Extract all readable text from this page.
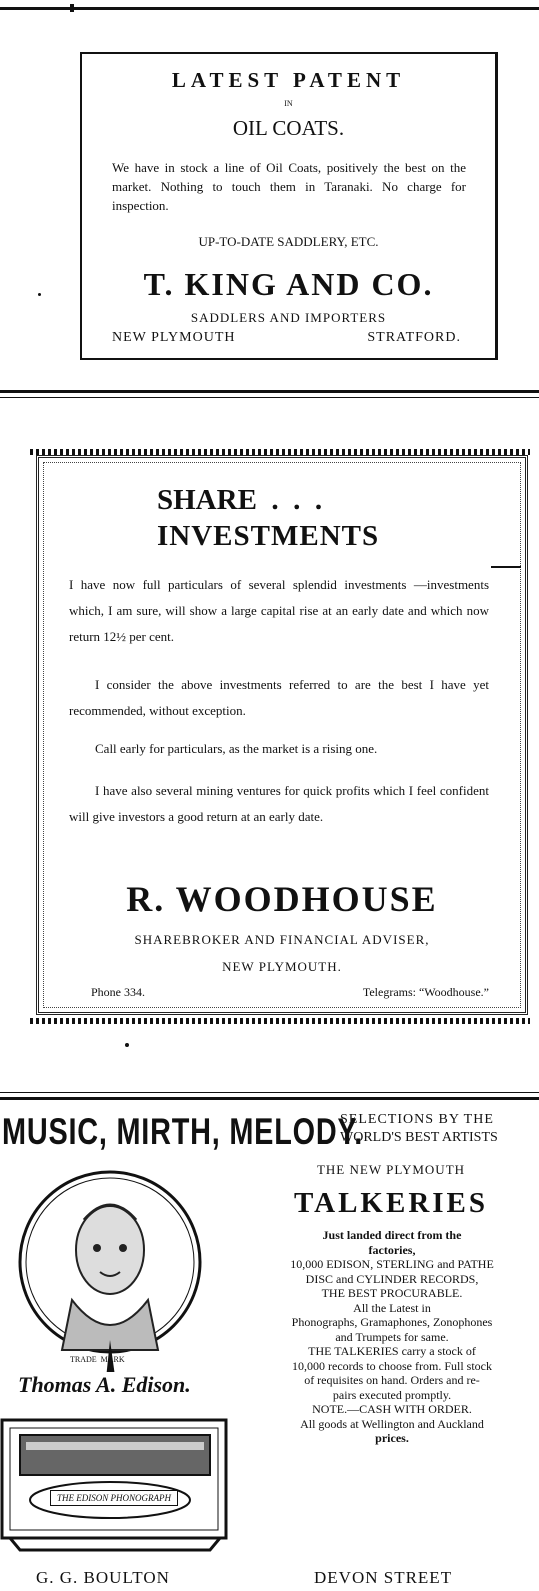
LATEST PATENT
IN
OIL COATS.
We have in stock a line of Oil Coats, positively the best on the market. Nothing to touch them in Taranaki. No charge for inspection.
UP-TO-DATE SADDLERY, ETC.
T. KING AND CO.
SADDLERS AND IMPORTERS
NEW PLYMOUTH	STRATFORD.
SHARE  .  .  .
INVESTMENTS
I have now full particulars of several splendid investments —investments which, I am sure, will show a large capital rise at an early date and which now return 12½ per cent.
I consider the above investments referred to are the best I have yet recommended, without exception.
Call early for particulars, as the market is a rising one.
I have also several mining ventures for quick profits which I feel confident will give investors a good return at an early date.
R. WOODHOUSE
SHAREBROKER AND FINANCIAL ADVISER,
NEW PLYMOUTH.
Phone 334.	Telegrams: “Woodhouse.”
MUSIC, MIRTH, MELODY.
SELECTIONS BY THE
WORLD'S BEST ARTISTS
TRADE  MARK
Thomas A. Edison.
THE EDISON PHONOGRAPH
THE NEW PLYMOUTH
TALKERIES
Just landed direct from the
factories,
10,000 EDISON, STERLING and PATHE
DISC and CYLINDER RECORDS,
THE BEST PROCURABLE.
All the Latest in
Phonographs, Gramaphones, Zonophones
and Trumpets for same.
THE TALKERIES carry a stock of
10,000 records to choose from. Full stock
of requisites on hand. Orders and re-
pairs executed promptly.
NOTE.—CASH WITH ORDER.
All goods at Wellington and Auckland
prices.
G. G. BOULTON	DEVON STREET
